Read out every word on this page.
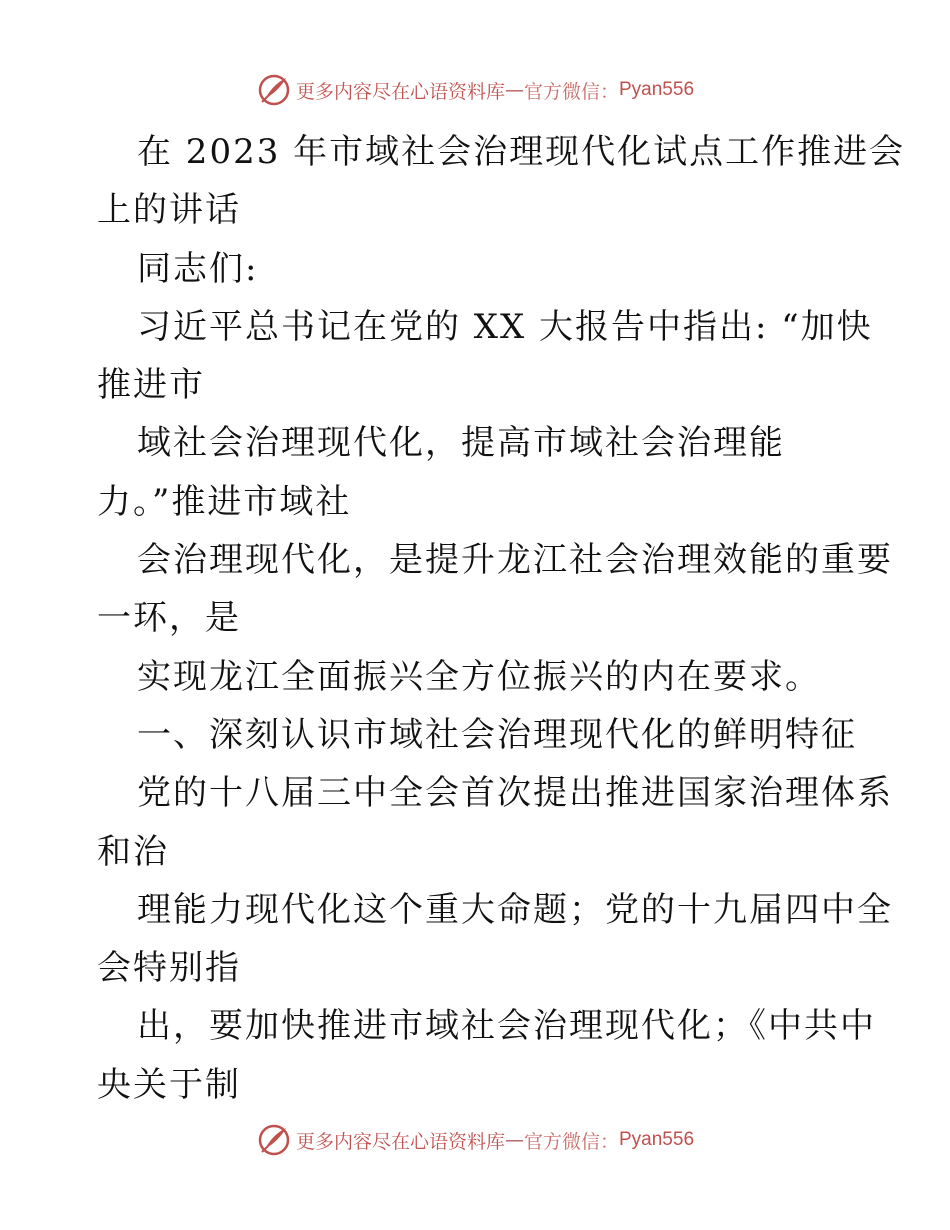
更多内容尽在心语资料库 — 官方微信： Pyan556
在 2023 年市域社会治理现代化试点工作推进会
上的讲话
同志们:
习近平总书记在党的 XX 大报告中指出: “加快
推进市
域社会治理现代化，提高市域社会治理能
力。”推进市域社
会治理现代化，是提升龙江社会治理效能的重要
一环，是
实现龙江全面振兴全方位振兴的内在要求。
一、深刻认识市域社会治理现代化的鲜明特征
党的十八届三中全会首次提出推进国家治理体系
和治
理能力现代化这个重大命题；党的十九届四中全
会特别指
出，要加快推进市域社会治理现代化；《中共中
央关于制
更多内容尽在心语资料库 — 官方微信： Pyan556
